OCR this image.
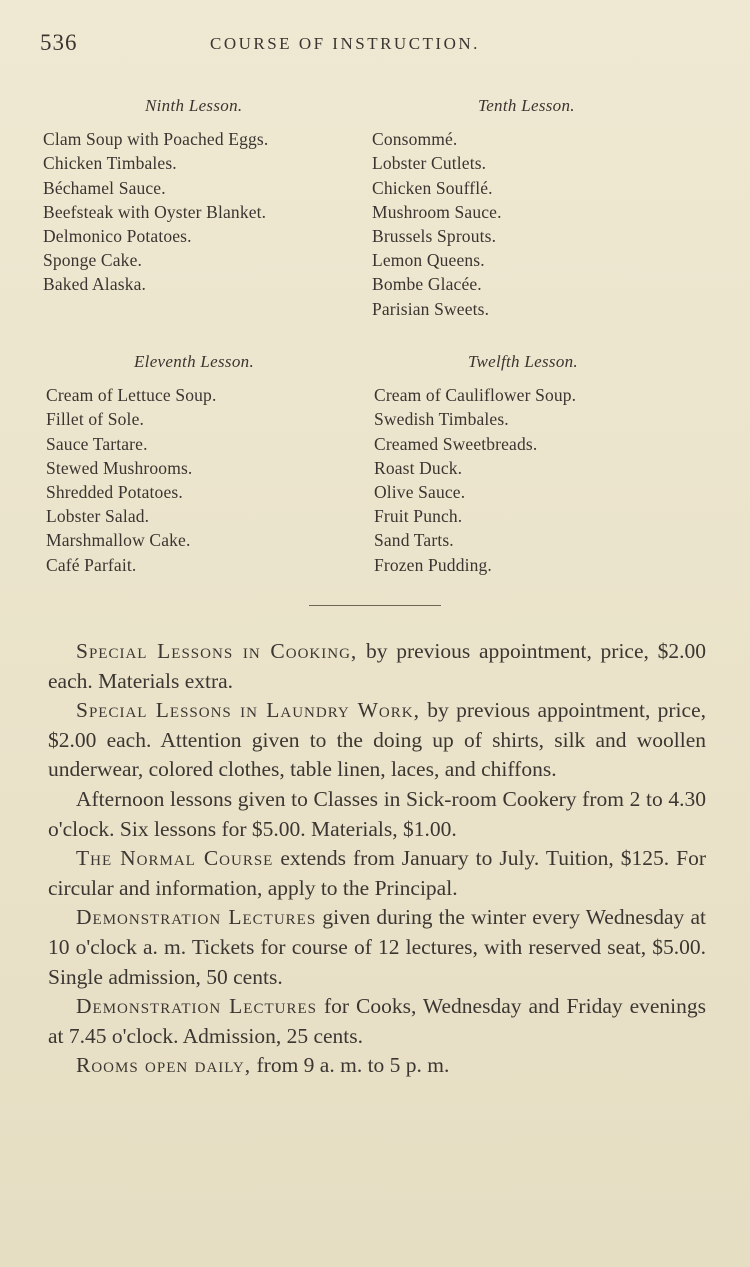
536	COURSE OF INSTRUCTION.
Ninth Lesson.
Clam Soup with Poached Eggs.
Chicken Timbales.
Béchamel Sauce.
Beefsteak with Oyster Blanket.
Delmonico Potatoes.
Sponge Cake.
Baked Alaska.
Tenth Lesson.
Consommé.
Lobster Cutlets.
Chicken Soufflé.
Mushroom Sauce.
Brussels Sprouts.
Lemon Queens.
Bombe Glacée.
Parisian Sweets.
Eleventh Lesson.
Cream of Lettuce Soup.
Fillet of Sole.
Sauce Tartare.
Stewed Mushrooms.
Shredded Potatoes.
Lobster Salad.
Marshmallow Cake.
Café Parfait.
Twelfth Lesson.
Cream of Cauliflower Soup.
Swedish Timbales.
Creamed Sweetbreads.
Roast Duck.
Olive Sauce.
Fruit Punch.
Sand Tarts.
Frozen Pudding.

Special Lessons in Cooking, by previous appointment, price, $2.00 each. Materials extra.

Special Lessons in Laundry Work, by previous appointment, price, $2.00 each. Attention given to the doing up of shirts, silk and woollen underwear, colored clothes, table linen, laces, and chiffons.

Afternoon lessons given to Classes in Sick-room Cookery from 2 to 4.30 o'clock. Six lessons for $5.00. Materials, $1.00.

The Normal Course extends from January to July. Tuition, $125. For circular and information, apply to the Principal.

Demonstration Lectures given during the winter every Wednesday at 10 o'clock a. m. Tickets for course of 12 lectures, with reserved seat, $5.00. Single admission, 50 cents.

Demonstration Lectures for Cooks, Wednesday and Friday evenings at 7.45 o'clock. Admission, 25 cents.

Rooms open daily, from 9 a. m. to 5 p. m.
